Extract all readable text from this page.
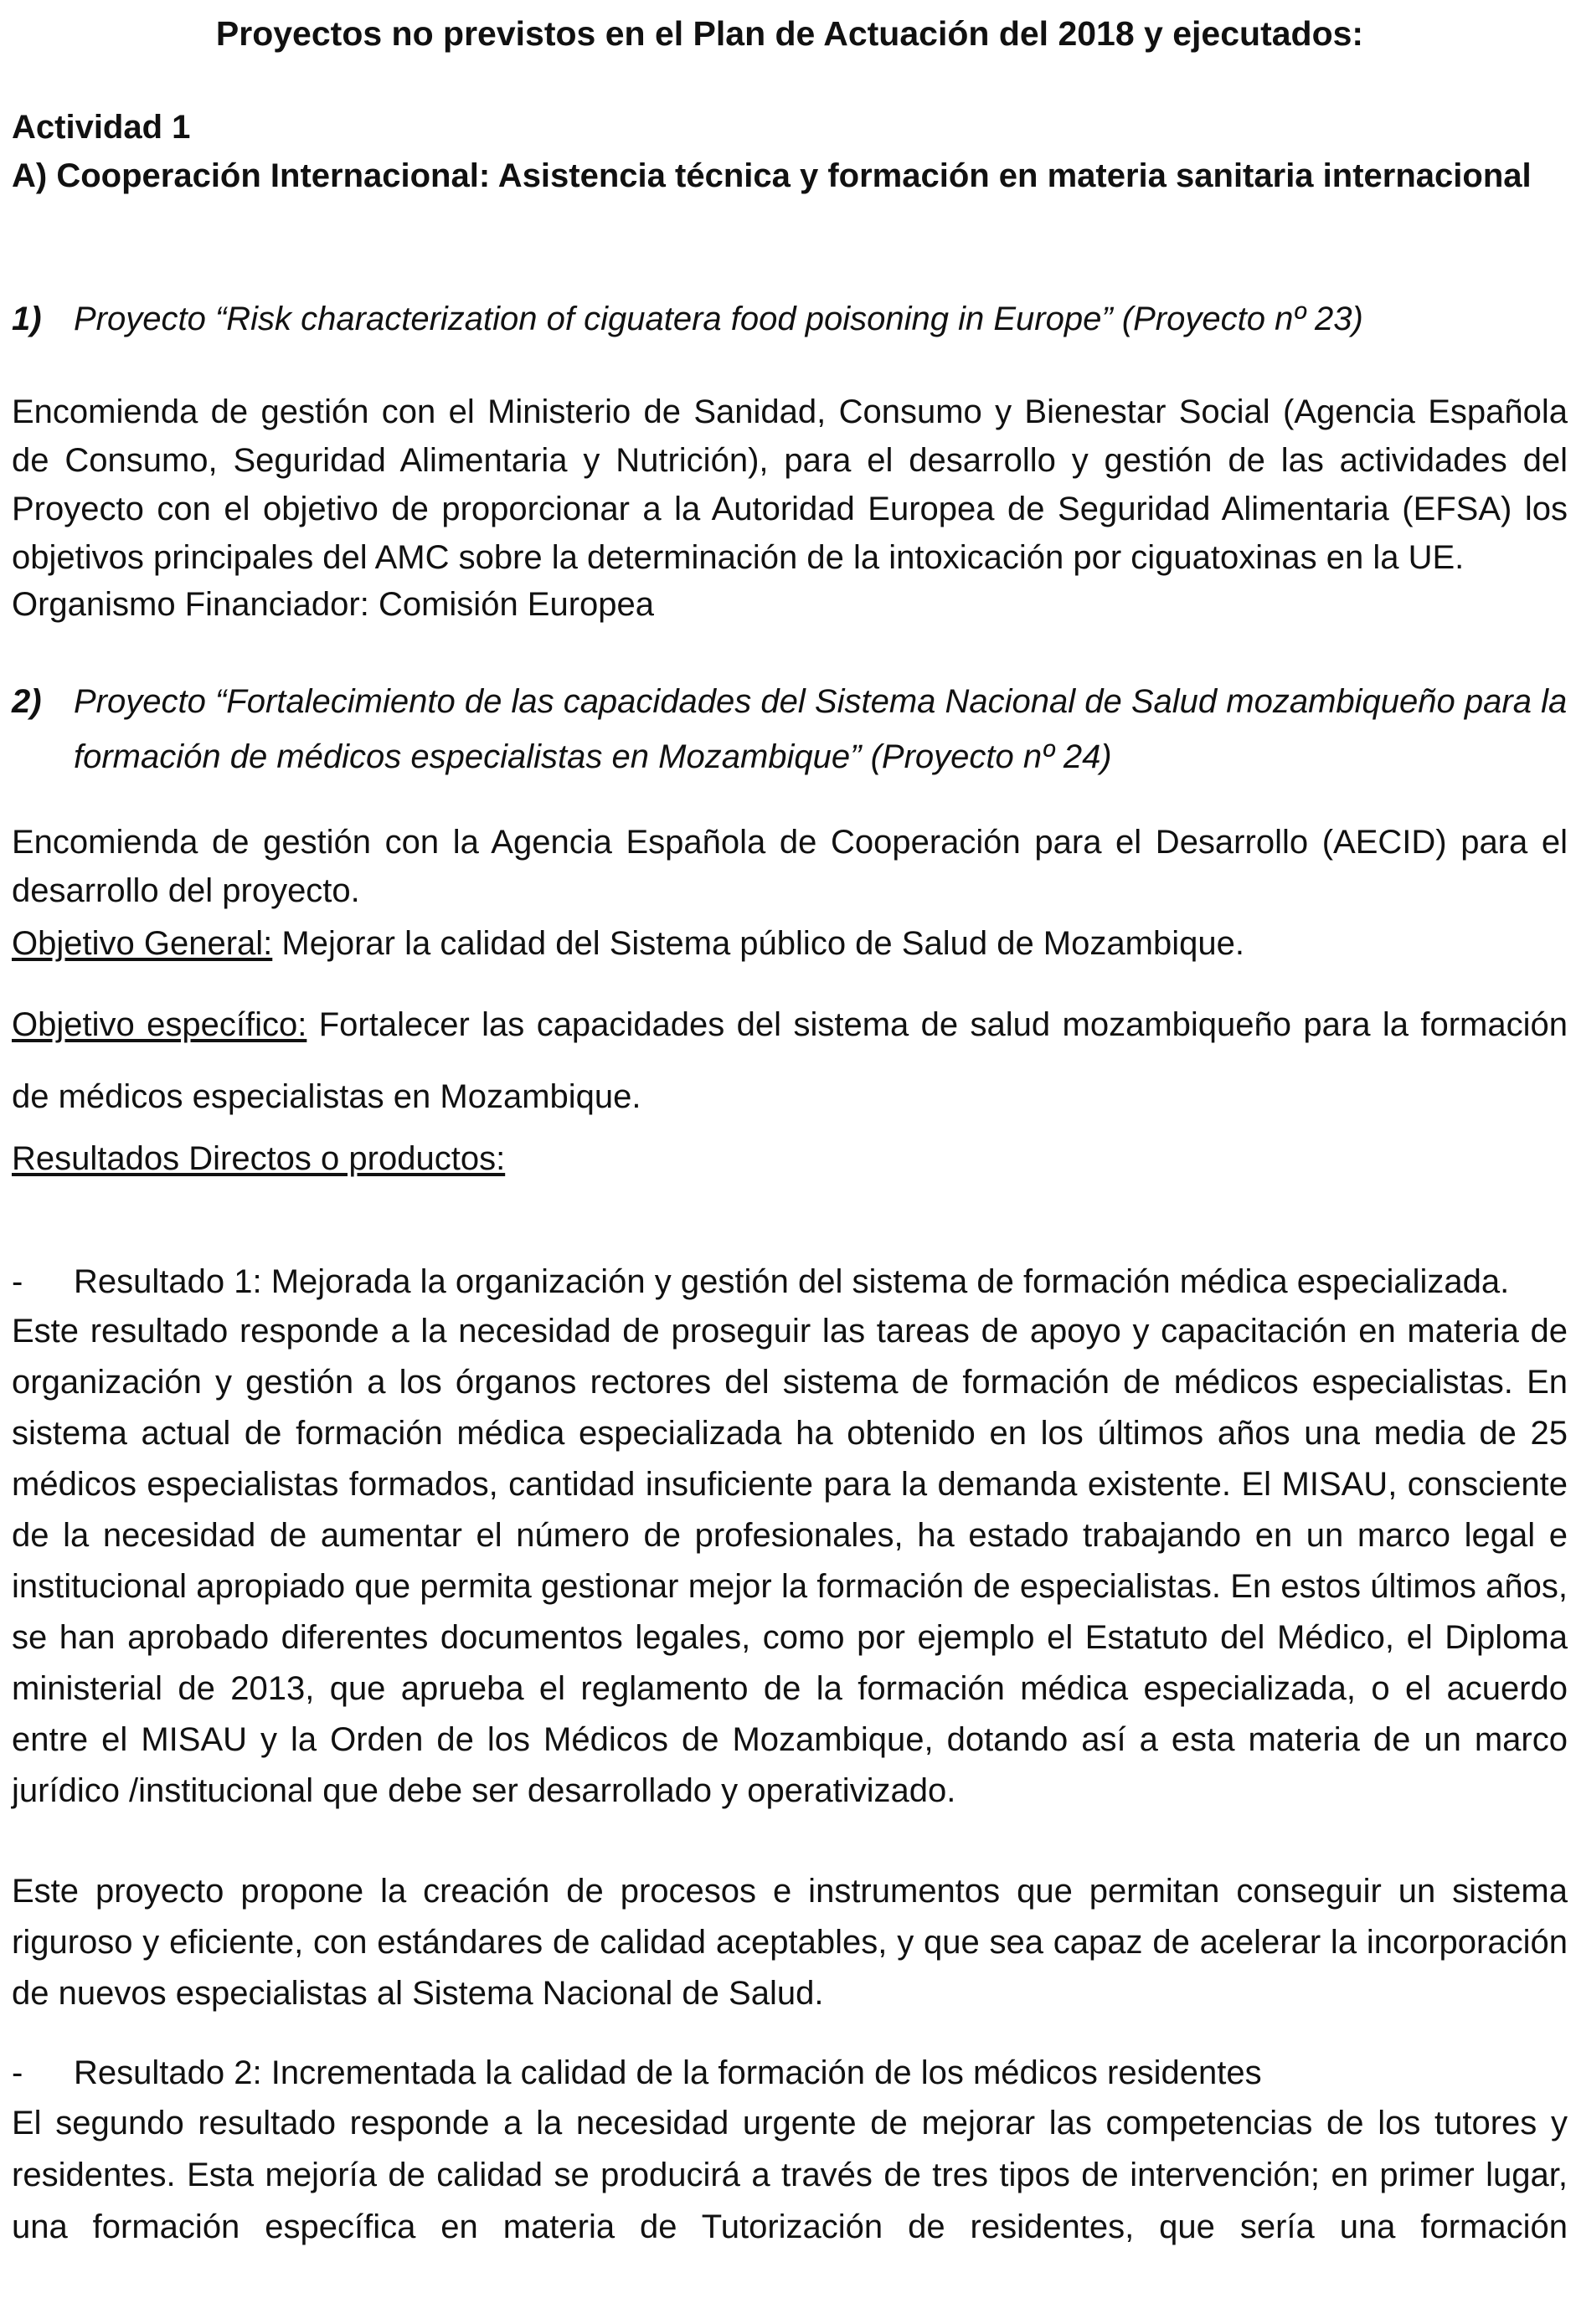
Proyectos no previstos en el Plan de Actuación del 2018 y ejecutados:
Actividad 1
A) Cooperación Internacional: Asistencia técnica y formación en materia sanitaria internacional
1) Proyecto “Risk characterization of ciguatera food poisoning in Europe” (Proyecto nº 23)

Encomienda de gestión con el Ministerio de Sanidad, Consumo y Bienestar Social (Agencia Española de Consumo, Seguridad Alimentaria y Nutrición), para el desarrollo y gestión de las actividades del Proyecto con el objetivo de proporcionar a la Autoridad Europea de Seguridad Alimentaria (EFSA) los objetivos principales del AMC sobre la determinación de la intoxicación por ciguatoxinas en la UE.

Organismo Financiador: Comisión Europea
2) Proyecto “Fortalecimiento de las capacidades del Sistema Nacional de Salud mozambiqueño para la formación de médicos especialistas en Mozambique” (Proyecto nº 24)

Encomienda de gestión con la Agencia Española de Cooperación para el Desarrollo (AECID) para el desarrollo del proyecto.

Objetivo General: Mejorar la calidad del Sistema público de Salud de Mozambique.
Objetivo específico: Fortalecer las capacidades del sistema de salud mozambiqueño para la formación de médicos especialistas en Mozambique.
Resultados Directos o productos:
- Resultado 1: Mejorada la organización y gestión del sistema de formación médica especializada.

Este resultado responde a la necesidad de proseguir las tareas de apoyo y capacitación en materia de organización y gestión a los órganos rectores del sistema de formación de médicos especialistas. En sistema actual de formación médica especializada ha obtenido en los últimos años una media de 25 médicos especialistas formados, cantidad insuficiente para la demanda existente. El MISAU, consciente de la necesidad de aumentar el número de profesionales, ha estado trabajando en un marco legal e institucional apropiado que permita gestionar mejor la formación de especialistas. En estos últimos años, se han aprobado diferentes documentos legales, como por ejemplo el Estatuto del Médico, el Diploma ministerial de 2013, que aprueba el reglamento de la formación médica especializada, o el acuerdo entre el MISAU y la Orden de los Médicos de Mozambique, dotando así a esta materia de un marco jurídico /institucional que debe ser desarrollado y operativizado.

Este proyecto propone la creación de procesos e instrumentos que permitan conseguir un sistema riguroso y eficiente, con estándares de calidad aceptables, y que sea capaz de acelerar la incorporación de nuevos especialistas al Sistema Nacional de Salud.

- Resultado 2: Incrementada la calidad de la formación de los médicos residentes

El segundo resultado responde a la necesidad urgente de mejorar las competencias de los tutores y residentes. Esta mejoría de calidad se producirá a través de tres tipos de intervención; en primer lugar, una formación específica en materia de Tutorización de residentes, que sería una formación
